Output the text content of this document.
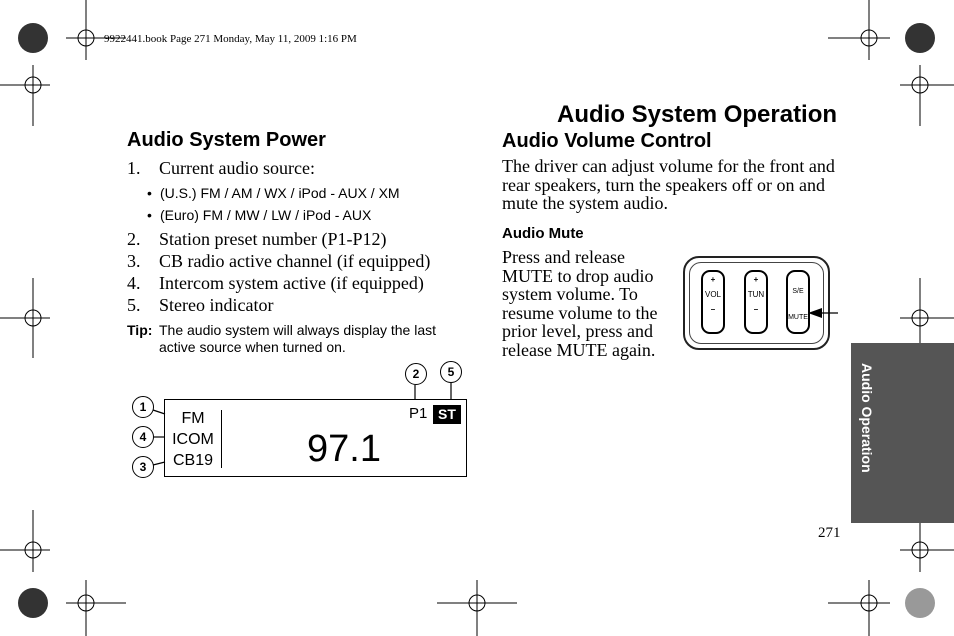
9922441.book Page 271 Monday, May 11, 2009 1:16 PM
Audio System Operation
Audio System Power
1. Current audio source:
• (U.S.) FM / AM / WX / iPod - AUX / XM
• (Euro) FM / MW / LW / iPod - AUX
2. Station preset number (P1-P12)
3. CB radio active channel (if equipped)
4. Intercom system active (if equipped)
5. Stereo indicator
Tip: The audio system will always display the last active source when turned on.
FM
ICOM
CB19 97.1
P1 ST
1
2
3
4
5
Audio Volume Control
The driver can adjust volume for the front and rear speakers, turn the speakers off or on and mute the system audio.
Audio Mute
Press and release MUTE to drop audio system volume. To resume volume to the prior level, press and release MUTE again.
+
VOL
–
+
TUN
–

S/E

MUTE
Audio Operation
271
